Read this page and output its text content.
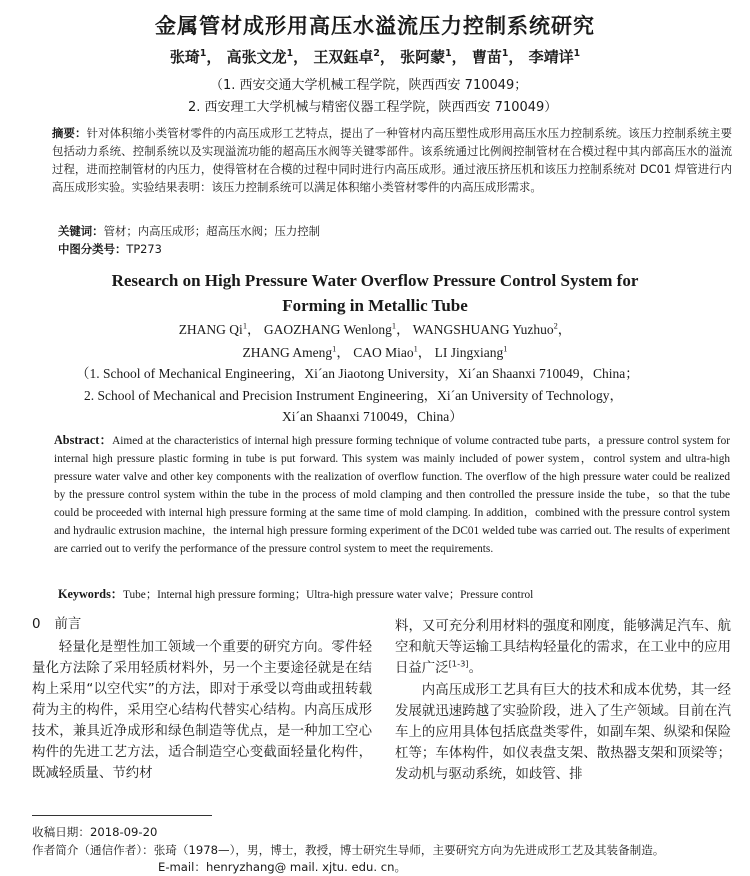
金属管材成形用高压水溢流压力控制系统研究
张琦$^1$， 高张文龙$^1$， 王双鈺卓$^2$， 张阿蒙$^1$， 曹苗$^1$， 李靖详$^1$
（1. 西安交通大学机械工程学院，陕西西安 710049；
2. 西安理工大学机械与精密仪器工程学院，陕西西安 710049）
摘要：针对体积缩小类管材零件的内高压成形工艺特点，提出了一种管材内高压塑性成形用高压水压力控制系统。该压力控制系统主要包括动力系统、控制系统以及实现溢流功能的超高压水阀等关键零部件。该系统通过比例阀控制管材在合模过程中其内部高压水的溢流过程，进而控制管材的内压力，使得管材在合模的过程中同时进行内高压成形。通过液压挤压机和该压力控制系统对 DC01 焊管进行内高压成形实验。实验结果表明：该压力控制系统可以满足体积缩小类管材零件的内高压成形需求。
关键词：管材；内高压成形；超高压水阀；压力控制
中图分类号：TP273
Research on High Pressure Water Overflow Pressure Control System for
Forming in Metallic Tube
ZHANG Qi$^1$， GAOZHANG Wenlong$^1$， WANGSHUANG Yuzhuo$^2$，
ZHANG Ameng$^1$， CAO Miao$^1$， LI Jingxiang$^1$
（1. School of Mechanical Engineering，Xi´an Jiaotong University，Xi´an Shaanxi 710049，China；
2. School of Mechanical and Precision Instrument Engineering，Xi´an University of Technology，
Xi´an Shaanxi 710049，China）
Abstract：Aimed at the characteristics of internal high pressure forming technique of volume contracted tube parts，a pressure control system for internal high pressure plastic forming in tube is put forward. This system was mainly included of power system，control system and ultra-high pressure water valve and other key components with the realization of overflow function. The overflow of the high pressure water could be realized by the pressure control system within the tube in the process of mold clamping and then controlled the pressure inside the tube，so that the tube could be proceeded with internal high pressure forming at the same time of mold clamping. In addition，combined with the pressure control system and hydraulic extrusion machine，the internal high pressure forming experiment of the DC01 welded tube was carried out. The results of experiment are carried out to verify the performance of the pressure control system to meet the requirements.
Keywords：Tube；Internal high pressure forming；Ultra-high pressure water valve；Pressure control
0 前言
轻量化是塑性加工领域一个重要的研究方向。零件轻量化方法除了采用轻质材料外，另一个主要途径就是在结构上采用“以空代实”的方法，即对于承受以弯曲或扭转载荷为主的构件，采用空心结构代替实心结构。内高压成形技术，兼具近净成形和绿色制造等优点，是一种加工空心构件的先进工艺方法，适合制造空心变截面轻量化构件，既减轻质量、节约材
料，又可充分利用材料的强度和刚度，能够满足汽车、航空和航天等运输工具结构轻量化的需求，在工业中的应用日益广泛[1-3]。
内高压成形工艺具有巨大的技术和成本优势，其一经发展就迅速跨越了实验阶段，进入了生产领域。目前在汽车上的应用具体包括底盘类零件，如副车架、纵梁和保险杠等；车体构件，如仪表盘支架、散热器支架和顶梁等；发动机与驱动系统，如歧管、排
收稿日期：2018-09-20
作者简介（通信作者）：张琦（1978—），男，博士，教授，博士研究生导师，主要研究方向为先进成形工艺及其装备制造。
E-mail：henryzhang@ mail. xjtu. edu. cn。
